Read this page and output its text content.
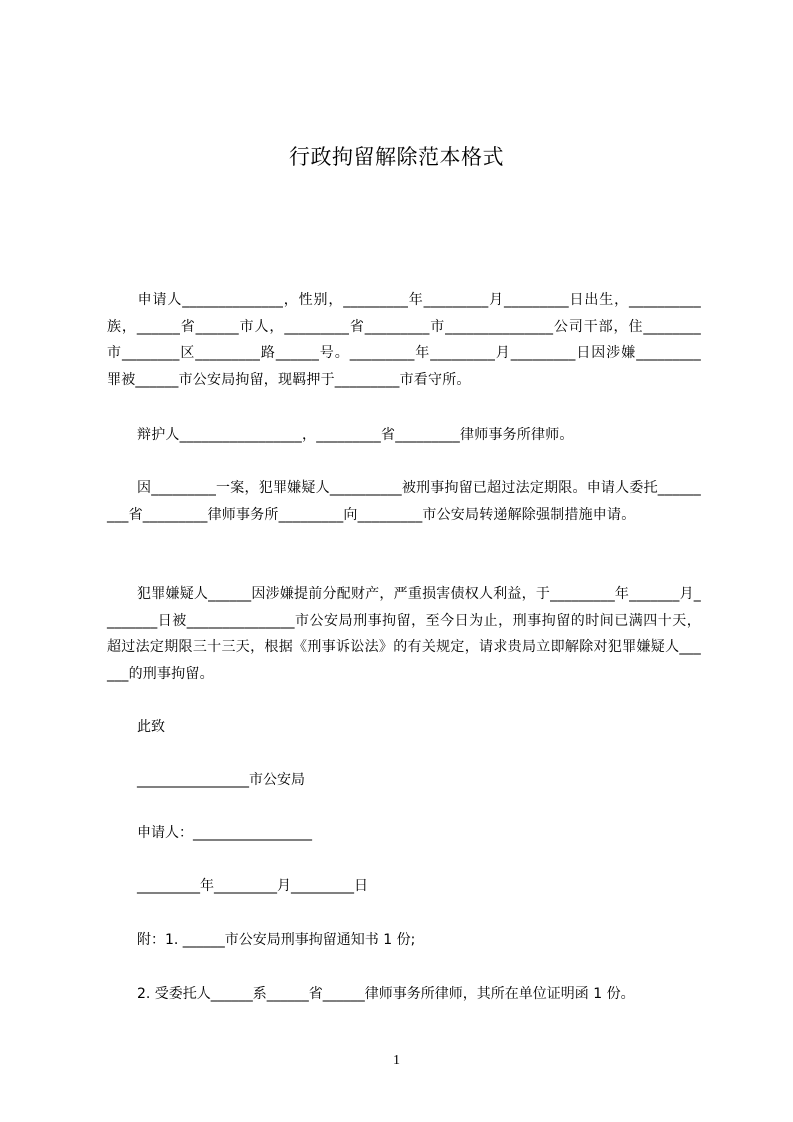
行政拘留解除范本格式
申请人______________，性别，_________年_________月_________日出生，__________族，______省______市人，_________省_________市_______________公司干部，住________市________区_________路______号。_________年_________月_________日因涉嫌_________罪被______市公安局拘留，现羁押于_________市看守所。
辩护人_________________，_________省_________律师事务所律师。
因_________一案，犯罪嫌疑人__________被刑事拘留已超过法定期限。申请人委托_________省_________律师事务所_________向_________市公安局转递解除强制措施申请。
犯罪嫌疑人______因涉嫌提前分配财产，严重损害债权人利益，于_________年_______月________日被_______________市公安局刑事拘留，至今日为止，刑事拘留的时间已满四十天，超过法定期限三十三天，根据《刑事诉讼法》的有关规定，请求贵局立即解除对犯罪嫌疑人______的刑事拘留。
此致
________________市公安局
申请人：_________________
_________年_________月_________日
附：1. ______市公安局刑事拘留通知书 1 份;
2. 受委托人______系______省______律师事务所律师，其所在单位证明函 1 份。
1
